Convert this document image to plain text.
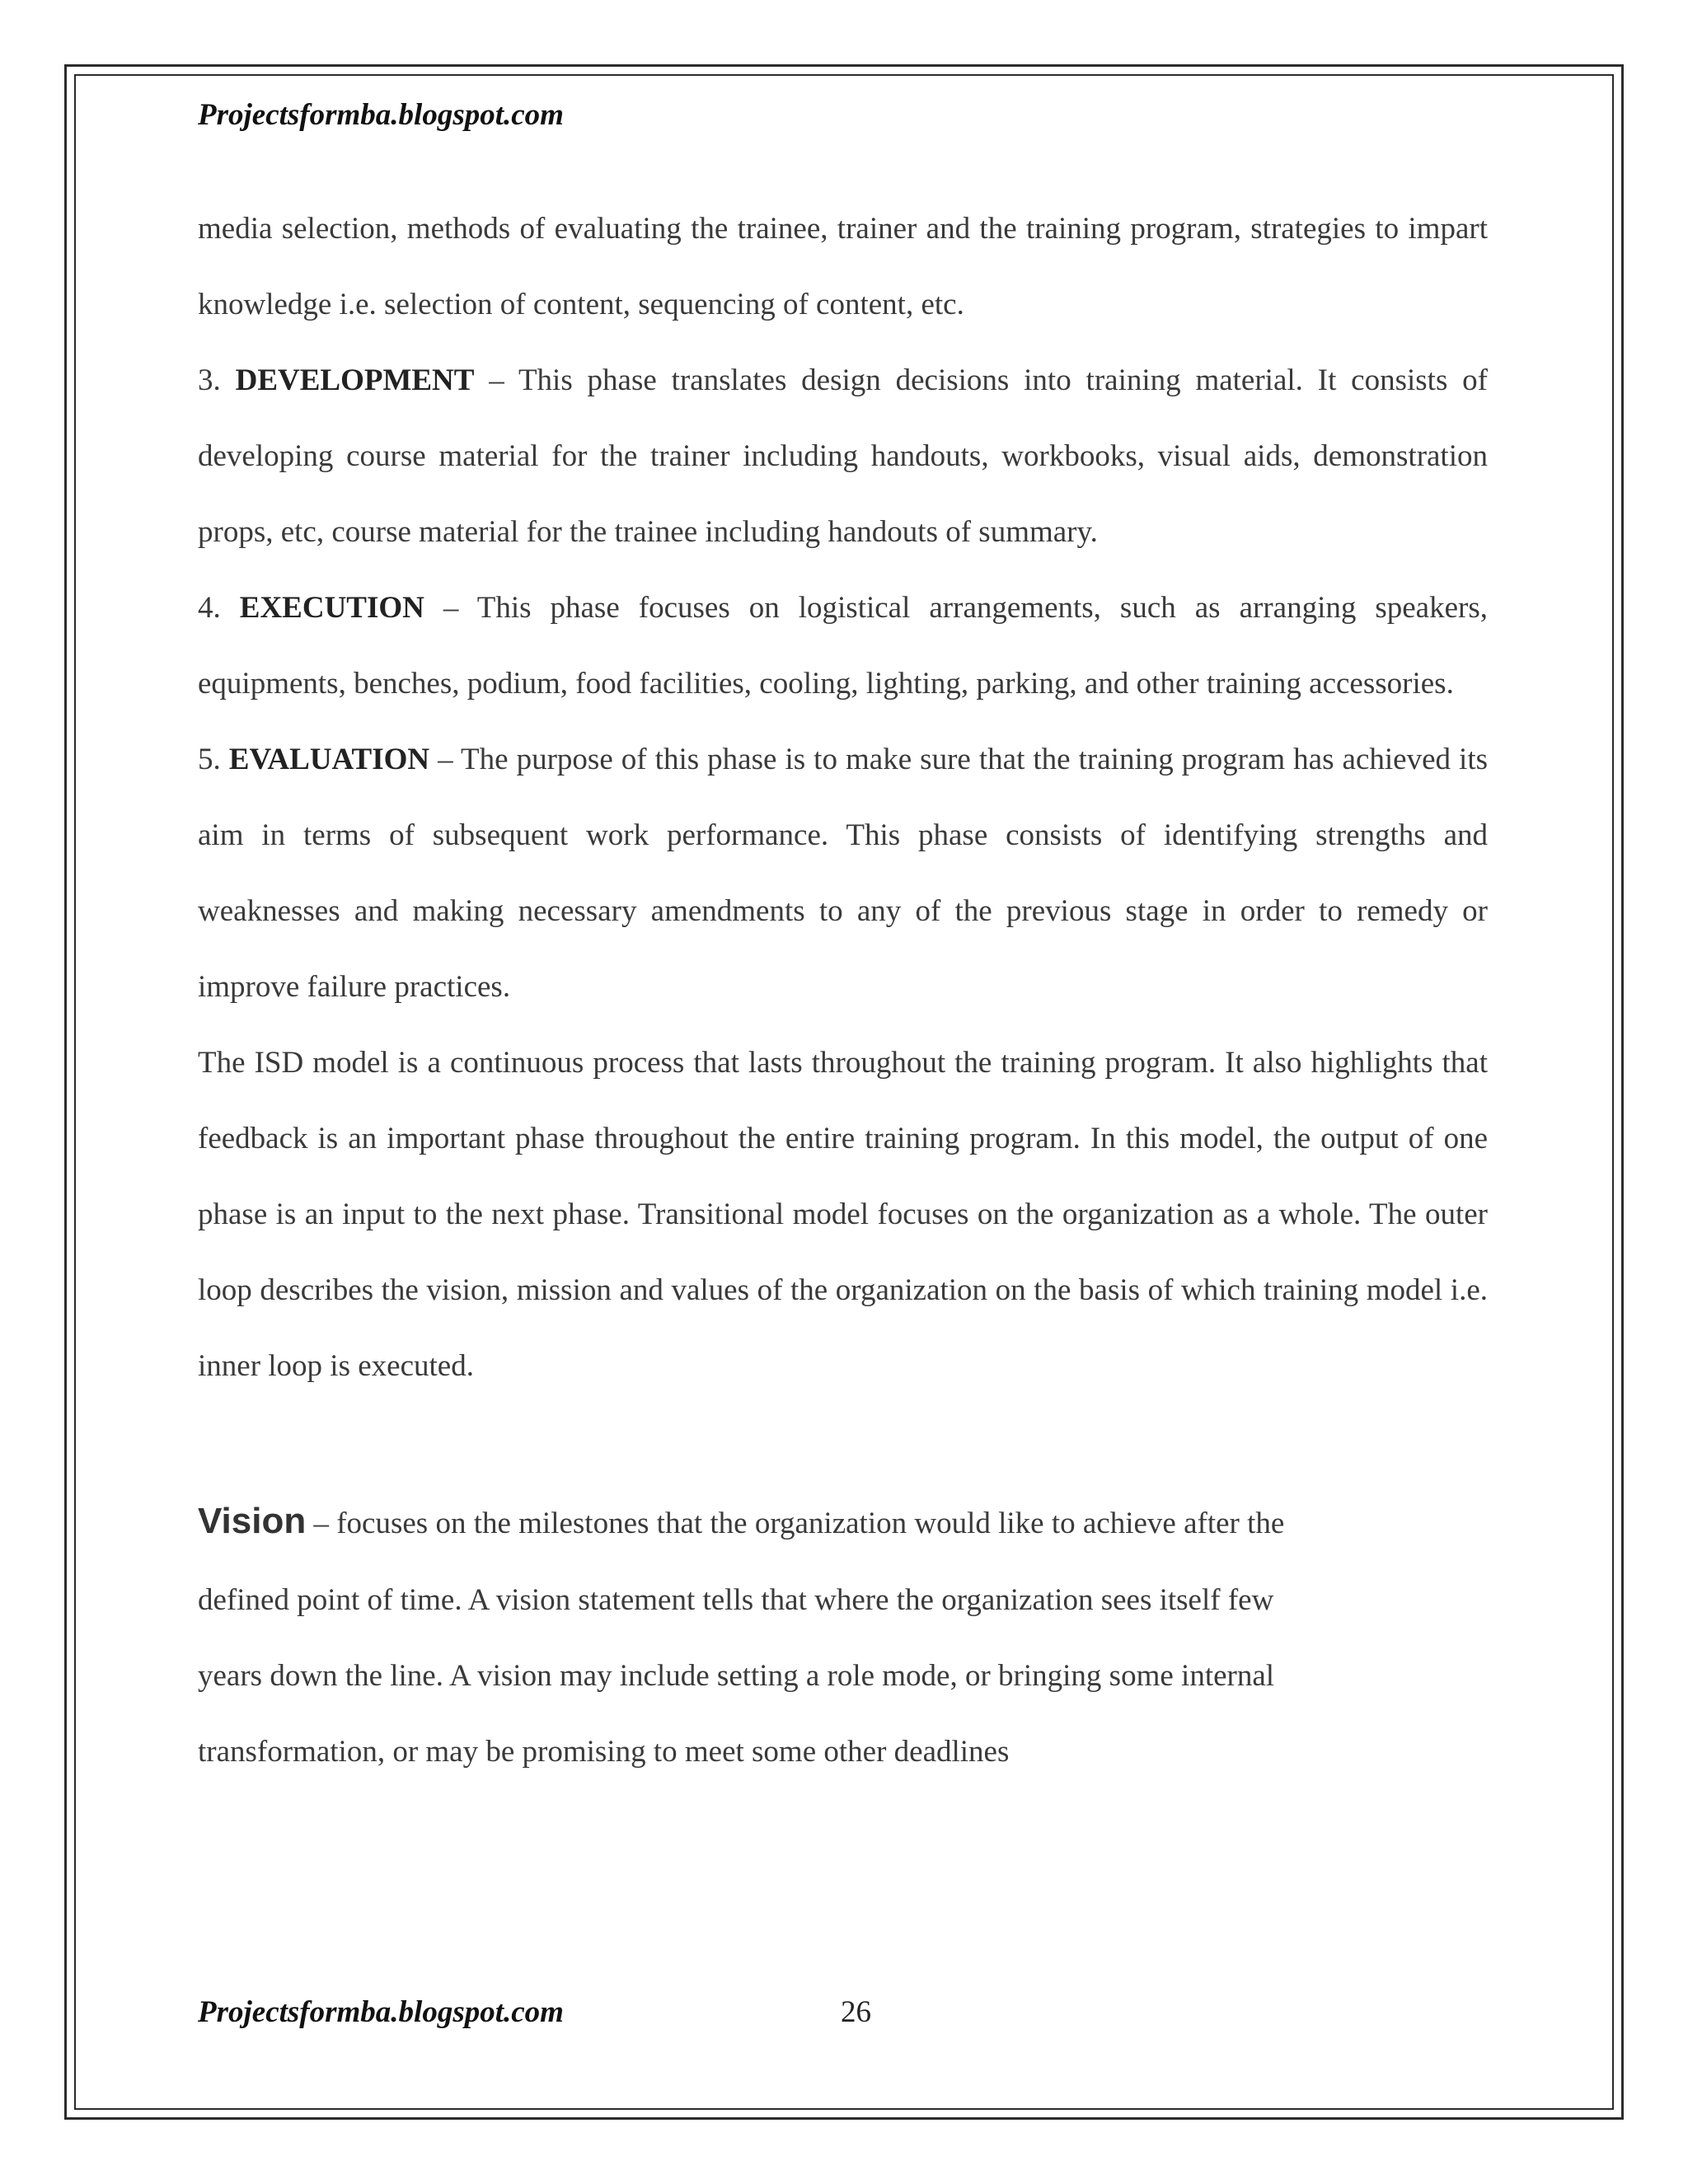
Projectsformba.blogspot.com

media selection, methods of evaluating the trainee, trainer and the training program, strategies to impart knowledge i.e. selection of content, sequencing of content, etc.

3. DEVELOPMENT – This phase translates design decisions into training material. It consists of developing course material for the trainer including handouts, workbooks, visual aids, demonstration props, etc, course material for the trainee including handouts of summary.

4. EXECUTION – This phase focuses on logistical arrangements, such as arranging speakers, equipments, benches, podium, food facilities, cooling, lighting, parking, and other training accessories.

5. EVALUATION – The purpose of this phase is to make sure that the training program has achieved its aim in terms of subsequent work performance. This phase consists of identifying strengths and weaknesses and making necessary amendments to any of the previous stage in order to remedy or improve failure practices.

The ISD model is a continuous process that lasts throughout the training program. It also highlights that feedback is an important phase throughout the entire training program. In this model, the output of one phase is an input to the next phase. Transitional model focuses on the organization as a whole. The outer loop describes the vision, mission and values of the organization on the basis of which training model i.e. inner loop is executed.

Vision – focuses on the milestones that the organization would like to achieve after the
defined point of time. A vision statement tells that where the organization sees itself few
years down the line. A vision may include setting a role mode, or bringing some internal
transformation, or may be promising to meet some other deadlines
Projectsformba.blogspot.com	26
